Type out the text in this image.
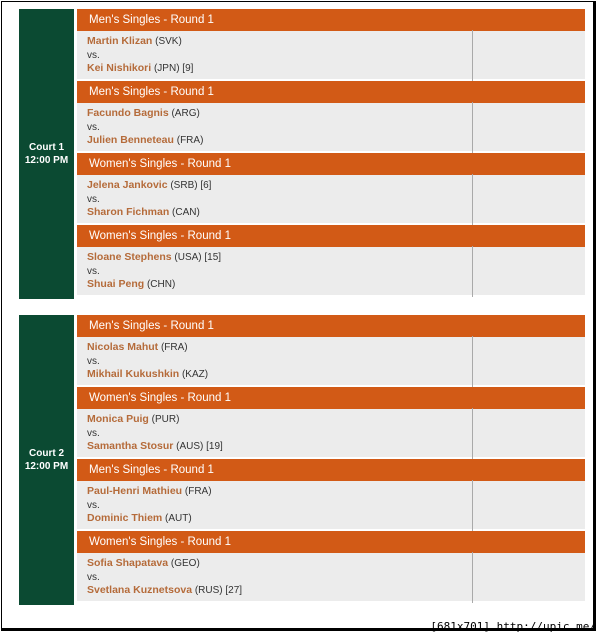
Court 1
12:00 PM
Men's Singles - Round 1
Martin Klizan (SVK)
vs.
Kei Nishikori (JPN) [9]
Men's Singles - Round 1
Facundo Bagnis (ARG)
vs.
Julien Benneteau (FRA)
Women's Singles - Round 1
Jelena Jankovic (SRB) [6]
vs.
Sharon Fichman (CAN)
Women's Singles - Round 1
Sloane Stephens (USA) [15]
vs.
Shuai Peng (CHN)
Court 2
12:00 PM
Men's Singles - Round 1
Nicolas Mahut (FRA)
vs.
Mikhail Kukushkin (KAZ)
Women's Singles - Round 1
Monica Puig (PUR)
vs.
Samantha Stosur (AUS) [19]
Men's Singles - Round 1
Paul-Henri Mathieu (FRA)
vs.
Dominic Thiem (AUT)
Women's Singles - Round 1
Sofia Shapatava (GEO)
vs.
Svetlana Kuznetsova (RUS) [27]
[681x701] http://upic.me/
